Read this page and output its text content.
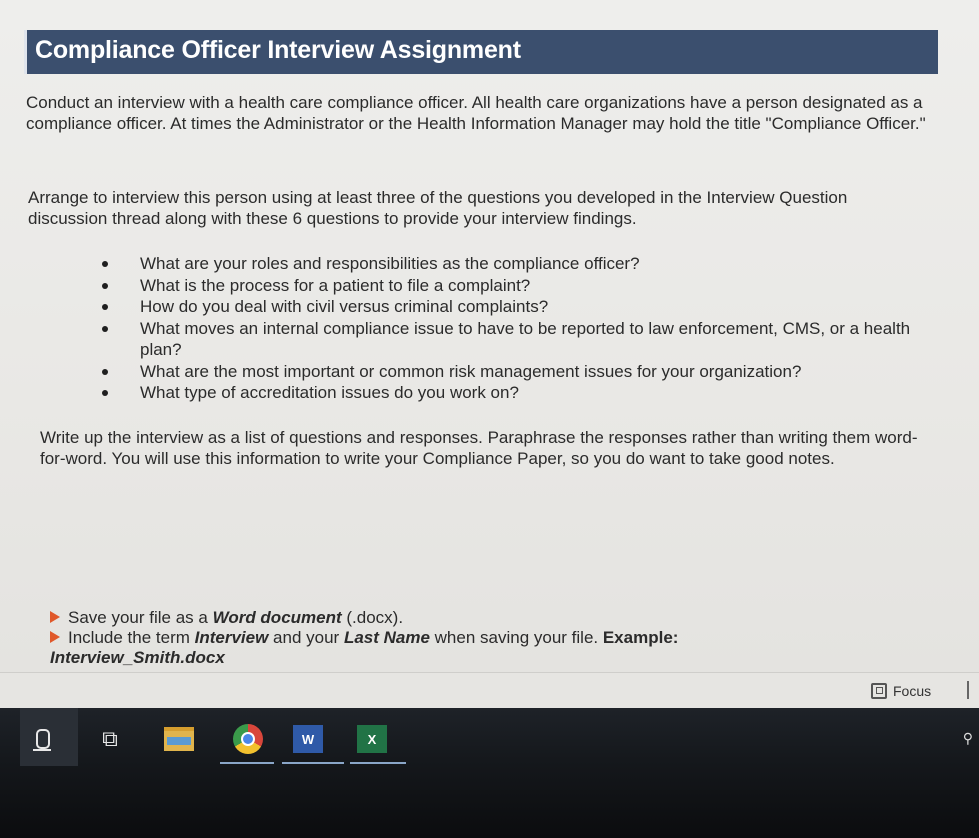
Compliance Officer Interview Assignment
Conduct an interview with a health care compliance officer. All health care organizations have a person designated as a compliance officer. At times the Administrator or the Health Information Manager may hold the title "Compliance Officer."
Arrange to interview this person using at least three of the questions you developed in the Interview Question discussion thread along with these 6 questions to provide your interview findings.
What are your roles and responsibilities as the compliance officer?
What is the process for a patient to file a complaint?
How do you deal with civil versus criminal complaints?
What moves an internal compliance issue to have to be reported to law enforcement, CMS, or a health plan?
What are the most important or common risk management issues for your organization?
What type of accreditation issues do you work on?
Write up the interview as a list of questions and responses. Paraphrase the responses rather than writing them word-for-word. You will use this information to write your Compliance Paper, so you do want to take good notes.
Save your file as a Word document (.docx).
Include the term Interview and your Last Name when saving your file. Example:
Interview_Smith.docx
Focus
⧉	W	X	⚲
